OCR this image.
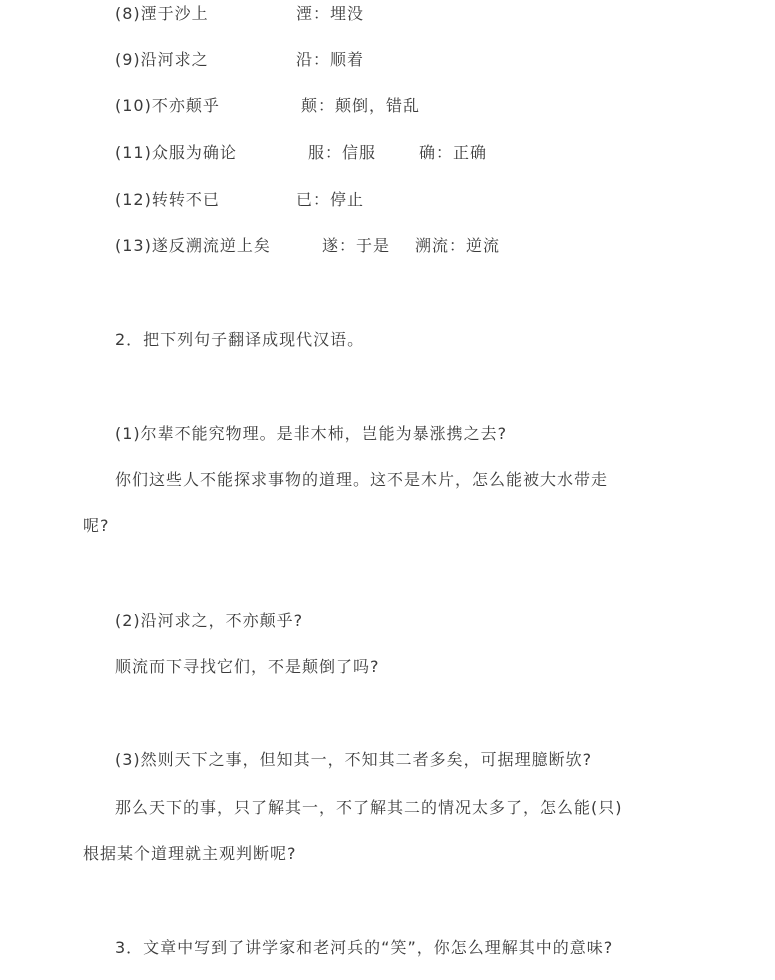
(8)湮于沙上	湮：埋没
(9)沿河求之	沿：顺着
(10)不亦颠乎	颠：颠倒，错乱
(11)众服为确论	服：信服	确：正确
(12)转转不已	已：停止
(13)遂反溯流逆上矣	遂：于是 溯流：逆流
2．把下列句子翻译成现代汉语。
(1)尔辈不能究物理。是非木杮，岂能为暴涨携之去?
你们这些人不能探求事物的道理。这不是木片，怎么能被大水带走
呢?
(2)沿河求之，不亦颠乎?
顺流而下寻找它们，不是颠倒了吗?
(3)然则天下之事，但知其一，不知其二者多矣，可据理臆断欤?
那么天下的事，只了解其一，不了解其二的情况太多了，怎么能(只)
根据某个道理就主观判断呢?
3．文章中写到了讲学家和老河兵的“笑”，你怎么理解其中的意味?
